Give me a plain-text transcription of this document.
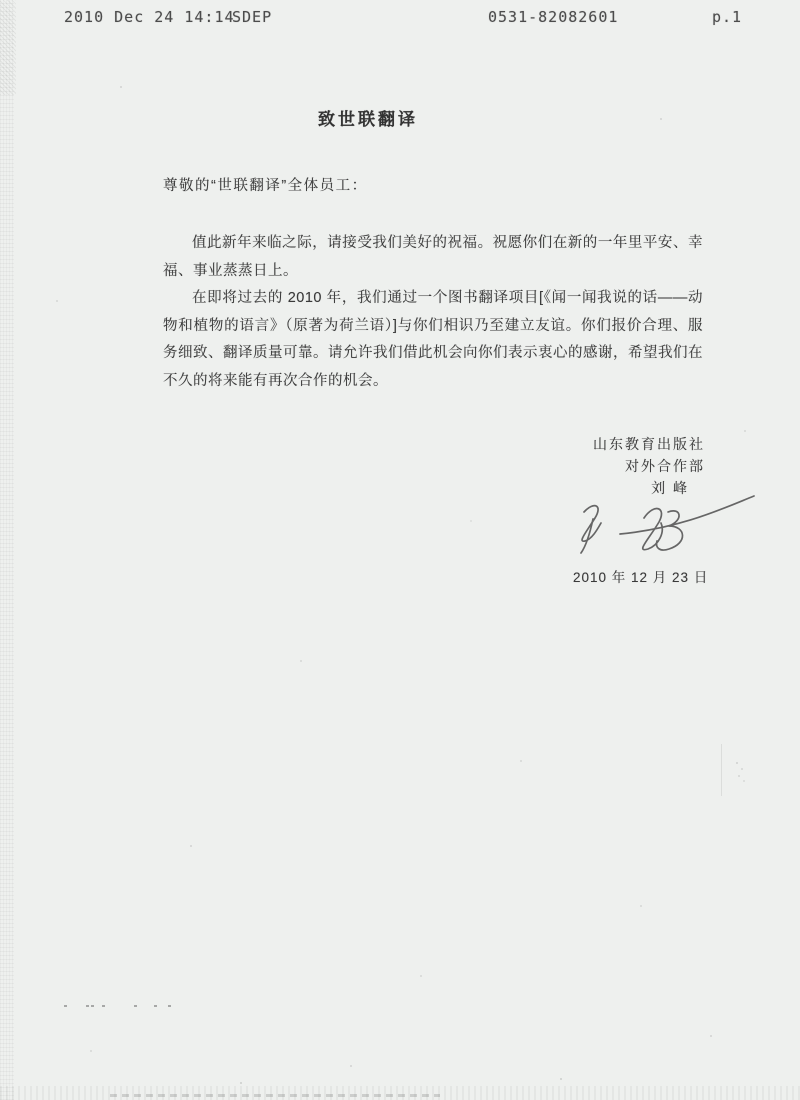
2010 Dec 24 14:14
SDEP	0531-82082601	p.1
致世联翻译

尊敬的“世联翻译”全体员工：

值此新年来临之际，请接受我们美好的祝福。祝愿你们在新的一年里平安、幸福、事业蒸蒸日上。

在即将过去的 2010 年，我们通过一个图书翻译项目[《闻一闻我说的话——动物和植物的语言》（原著为荷兰语）]与你们相识乃至建立友谊。你们报价合理、服务细致、翻译质量可靠。请允许我们借此机会向你们表示衷心的感谢，希望我们在不久的将来能有再次合作的机会。

山东教育出版社
对外合作部
刘 峰
2010 年 12 月 23 日
